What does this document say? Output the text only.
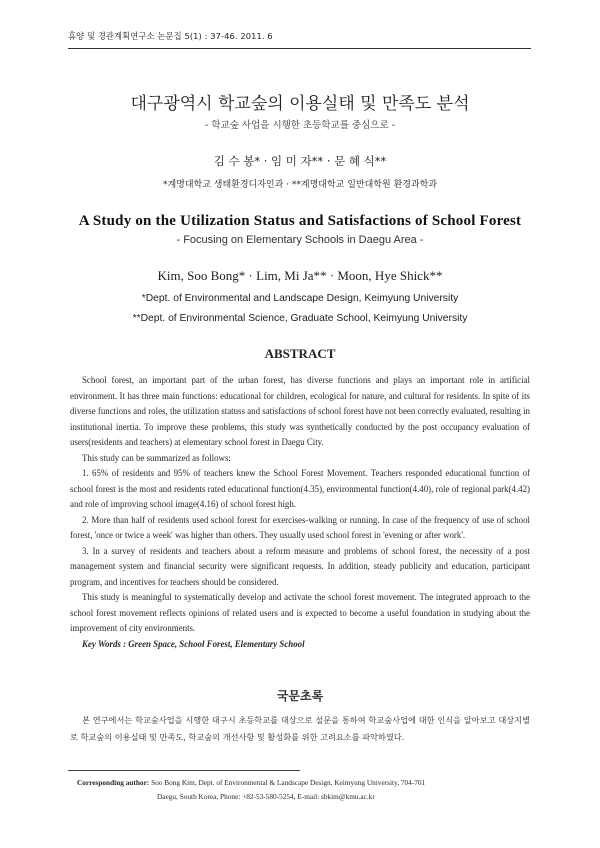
휴양 및 경관계획연구소 논문집 5(1) : 37-46. 2011. 6
대구광역시 학교숲의 이용실태 및 만족도 분석
- 학교숲 사업을 시행한 초등학교를 중심으로 -
김 수 봉* · 임 미 자** · 문 혜 식**
*계명대학교 생태환경디자인과 · **계명대학교 일반대학원 환경과학과
A Study on the Utilization Status and Satisfactions of School Forest
- Focusing on Elementary Schools in Daegu Area -
Kim, Soo Bong* · Lim, Mi Ja** · Moon, Hye Shick**
*Dept. of Environmental and Landscape Design, Keimyung University
**Dept. of Environmental Science, Graduate School, Keimyung University
ABSTRACT

School forest, an important part of the urban forest, has diverse functions and plays an important role in artificial environment. It has three main functions: educational for children, ecological for nature, and cultural for residents. In spite of its diverse functions and roles, the utilization statuss and satisfactions of school forest have not been correctly evaluated, resulting in institutional inertia. To improve these problems, this study was synthetically conducted by the post occupancy evaluation of users(residents and teachers) at elementary school forest in Daegu City.

This study can be summarized as follows:

1. 65% of residents and 95% of teachers knew the School Forest Movement. Teachers responded educational function of school forest is the most and residents rated educational function(4.35), environmental function(4.40), role of regional park(4.42) and role of improving school image(4.16) of school forest high.

2. More than half of residents used school forest for exercises-walking or running. In case of the frequency of use of school forest, 'once or twice a week' was higher than others. They usually used school forest in 'evening or after work'.

3. In a survey of residents and teachers about a reform measure and problems of school forest, the necessity of a post management system and financial security were significant requests. In addition, steady publicity and education, participant program, and incentives for teachers should be considered.

This study is meaningful to systematically develop and activate the school forest movement. The integrated approach to the school forest movement reflects opinions of related users and is expected to become a useful foundation in studying about the improvement of city environments.

Key Words : Green Space, School Forest, Elementary School

국문초록

본 연구에서는 학교숲사업을 시행한 대구시 초등학교를 대상으로 설문을 통하여 학교숲사업에 대한 인식을 알아보고 대상지별로 학교숲의 이용실태 및 만족도, 학교숲의 개선사항 및 활성화를 위한 고려요소를 파악하였다.

Corresponding author: Soo Bong Kim, Dept. of Environmental & Landscape Design, Keimyung University, 704-701
Daegu, South Korea, Phone: +82-53-580-5254, E-mail: sbkim@kmu.ac.kr
